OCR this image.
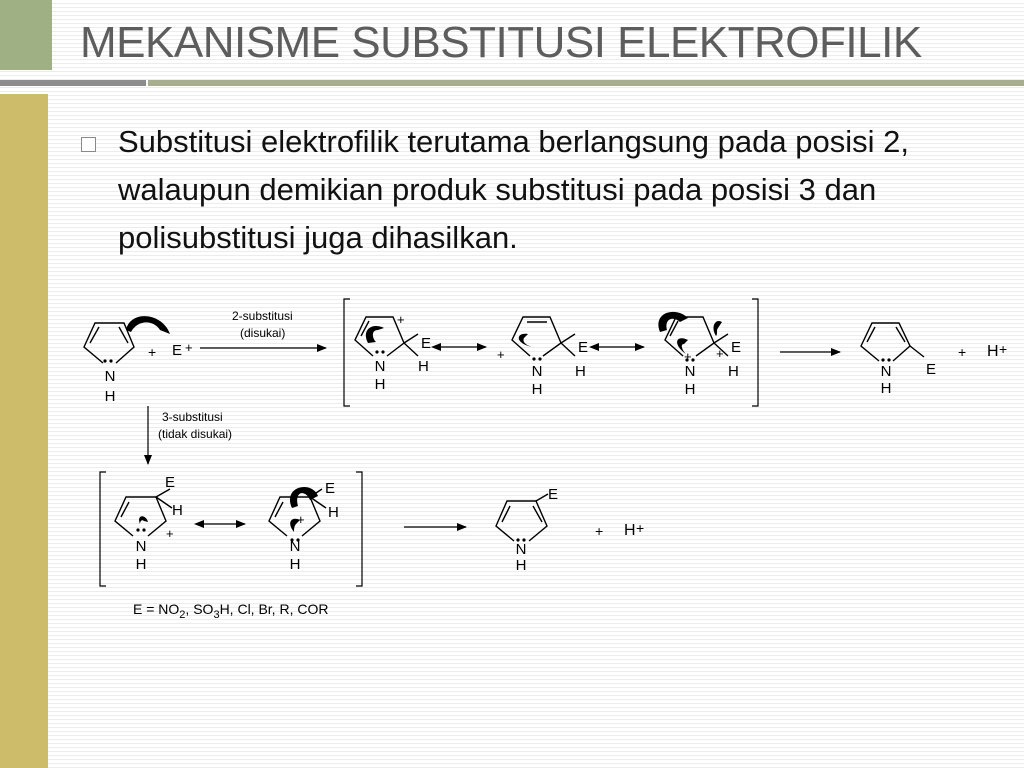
MEKANISME SUBSTITUSI ELEKTROFILIK

Substitusi elektrofilik terutama berlangsung pada posisi 2, walaupun demikian produk substitusi pada posisi 3 dan polisubstitusi juga dihasilkan.

N
H
+ E +
2-substitusi
(disukai)
+
E
H
N
H
+	E
H
N
H
+ + E
H
N
H
N
H
E
+ H +
3-substitusi
(tidak disukai)
E
H
+
N
H
E
H
+
N
H
E
N
H
+ H +
$E = NO_2$, $SO_3H$, Cl, Br, R, COR
